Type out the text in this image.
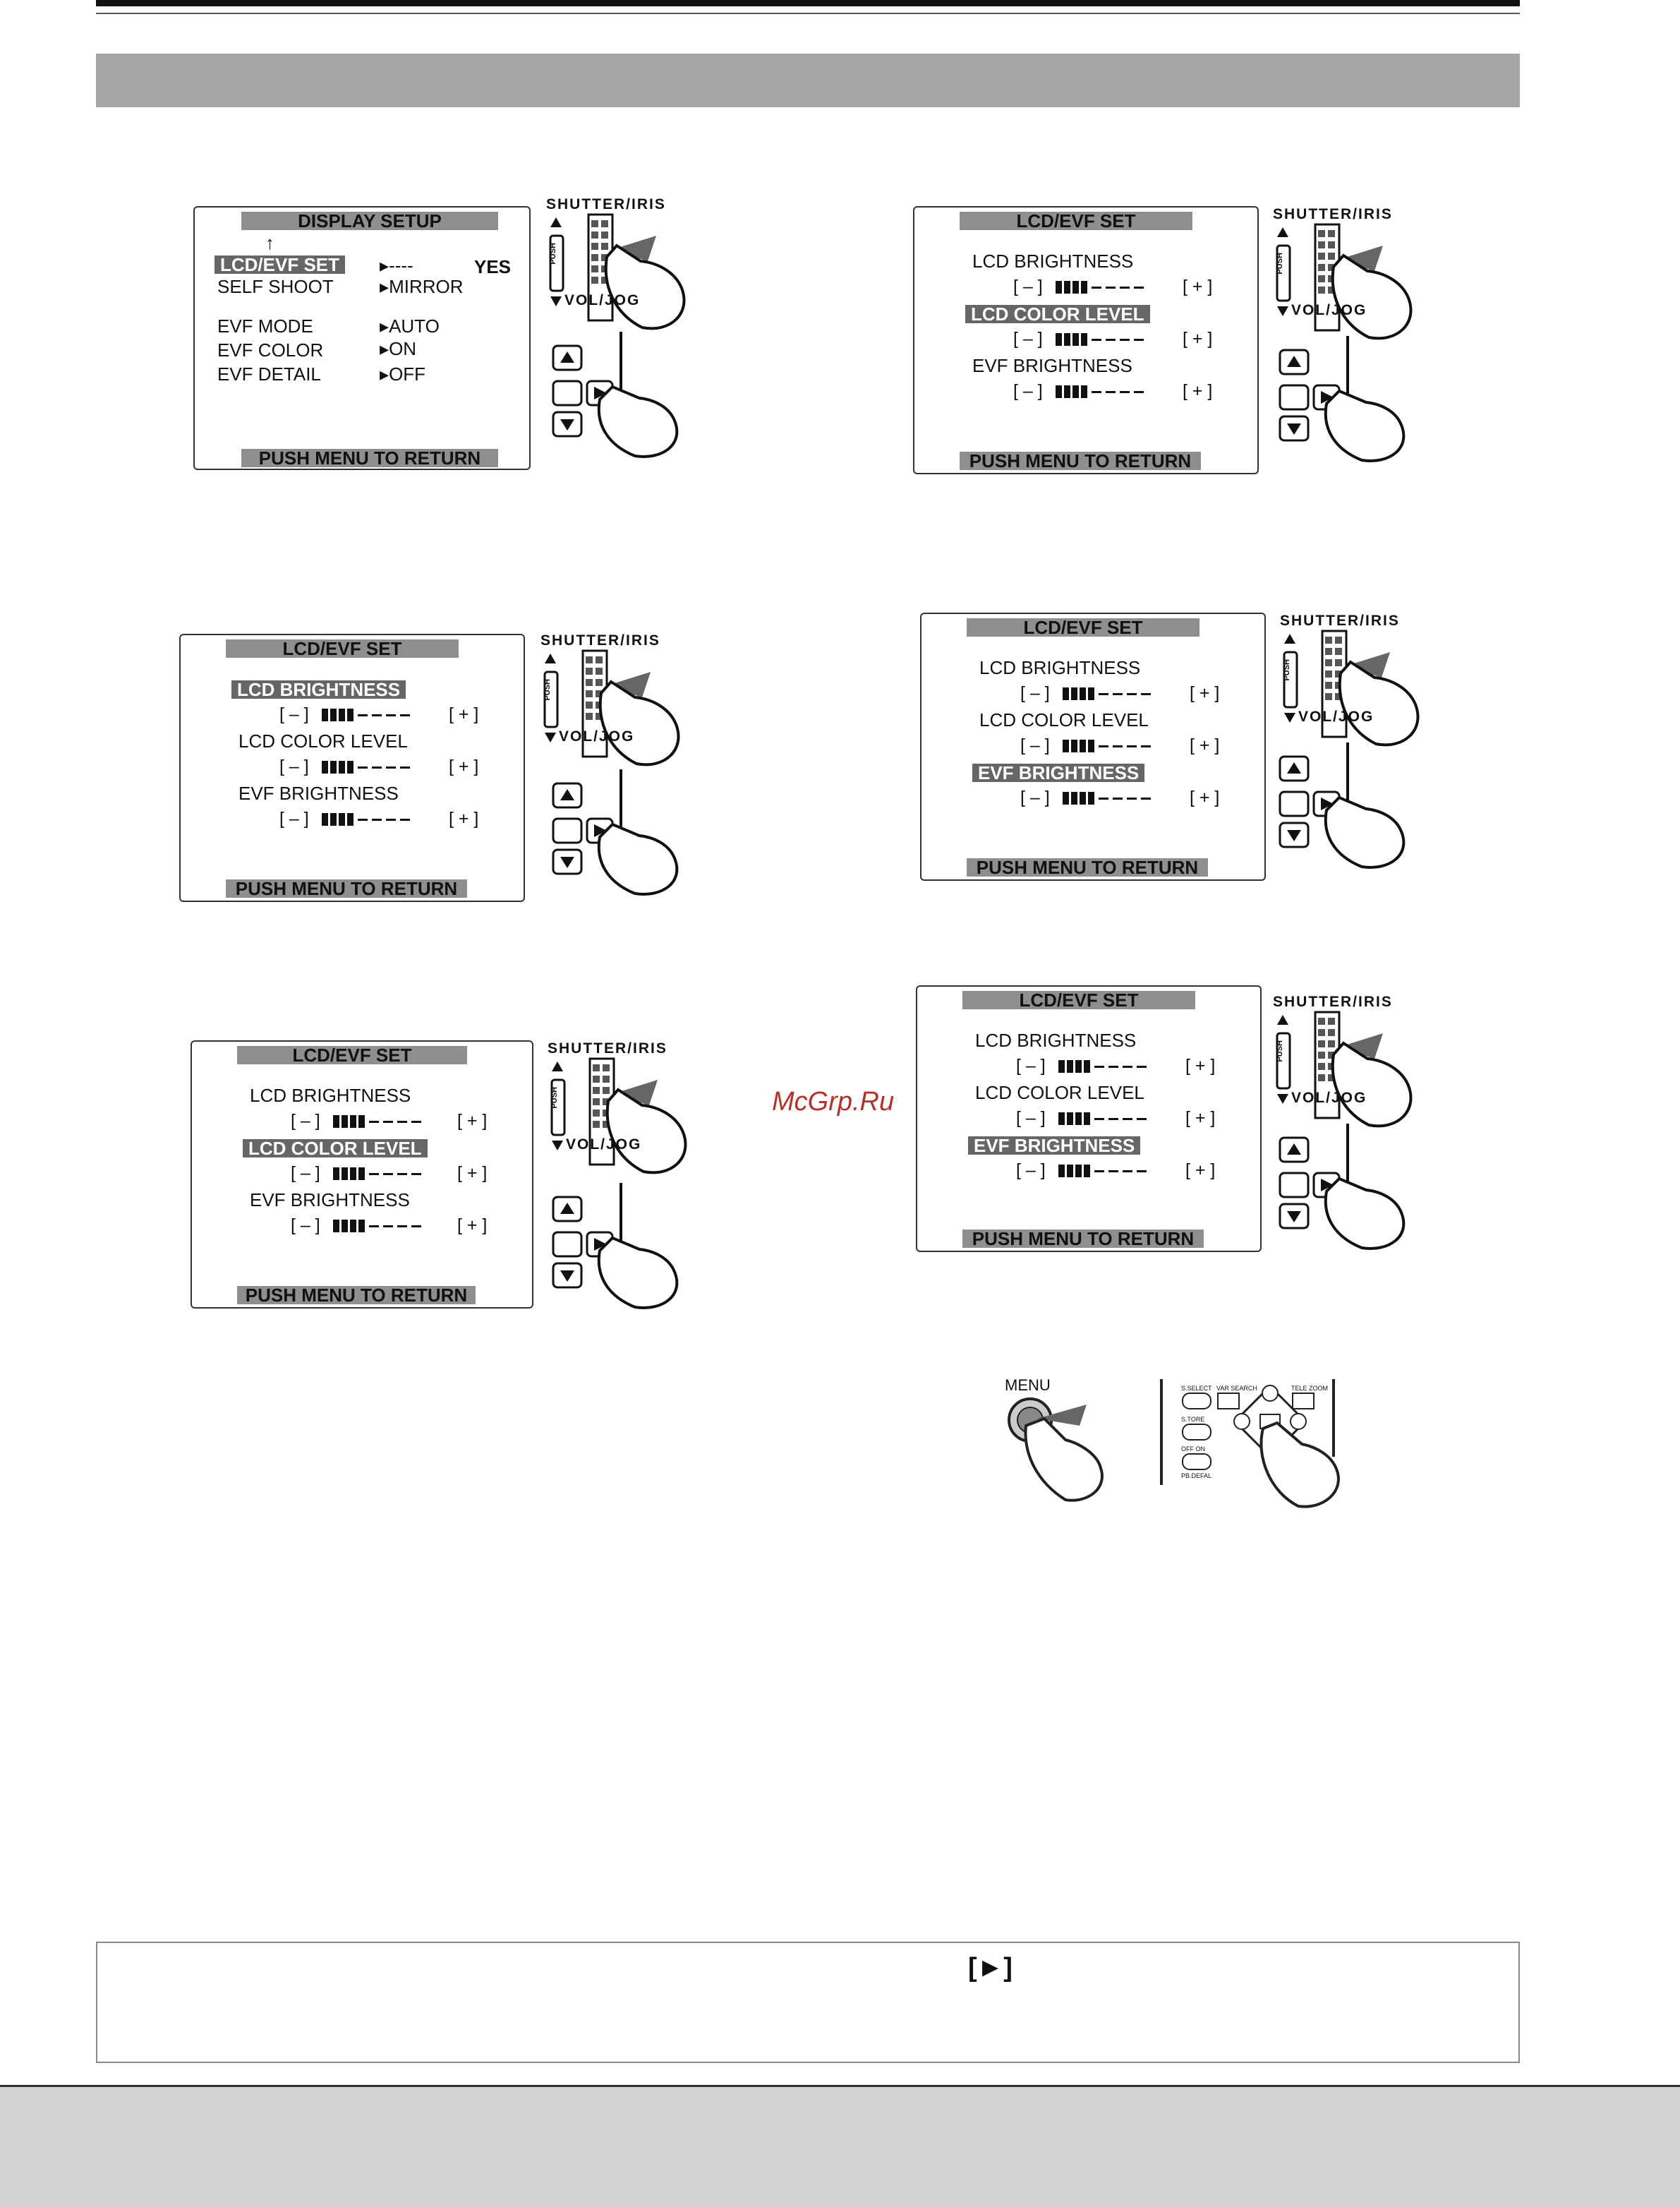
DISPLAY SETUP
↑
LCD/EVF SET	▸----	YES
SELF SHOOT	▸MIRROR
EVF MODE	▸AUTO
EVF COLOR	▸ON
EVF DETAIL	▸OFF
PUSH MENU TO RETURN
LCD/EVF SET
LCD BRIGHTNESS
[ – ]	[ + ]
LCD COLOR LEVEL
[ – ]	[ + ]
EVF BRIGHTNESS
[ – ]	[ + ]
PUSH MENU TO RETURN
LCD/EVF SET
LCD BRIGHTNESS
[ – ]	[ + ]
LCD COLOR LEVEL
[ – ]	[ + ]
EVF BRIGHTNESS
[ – ]	[ + ]
PUSH MENU TO RETURN
LCD/EVF SET
LCD BRIGHTNESS
[ – ]	[ + ]
LCD COLOR LEVEL
[ – ]	[ + ]
EVF BRIGHTNESS
[ – ]	[ + ]
PUSH MENU TO RETURN
LCD/EVF SET
LCD BRIGHTNESS
[ – ]	[ + ]
LCD COLOR LEVEL
[ – ]	[ + ]
EVF BRIGHTNESS
[ – ]	[ + ]
PUSH MENU TO RETURN
LCD/EVF SET
LCD BRIGHTNESS
[ – ]	[ + ]
LCD COLOR LEVEL
[ – ]	[ + ]
EVF BRIGHTNESS
[ – ]	[ + ]
PUSH MENU TO RETURN
SHUTTER/IRIS
VOL/JOG
PUSH
SHUTTER/IRIS
VOL/JOG
PUSH
SHUTTER/IRIS
VOL/JOG
PUSH
SHUTTER/IRIS
VOL/JOG
PUSH
SHUTTER/IRIS
VOL/JOG
PUSH
SHUTTER/IRIS
VOL/JOG
PUSH
MENU	S.SELECT VAR SEARCH
S.TORE
OFF ON
PB.DEFAL
TELE ZOOM
McGrp.Ru
[►]
